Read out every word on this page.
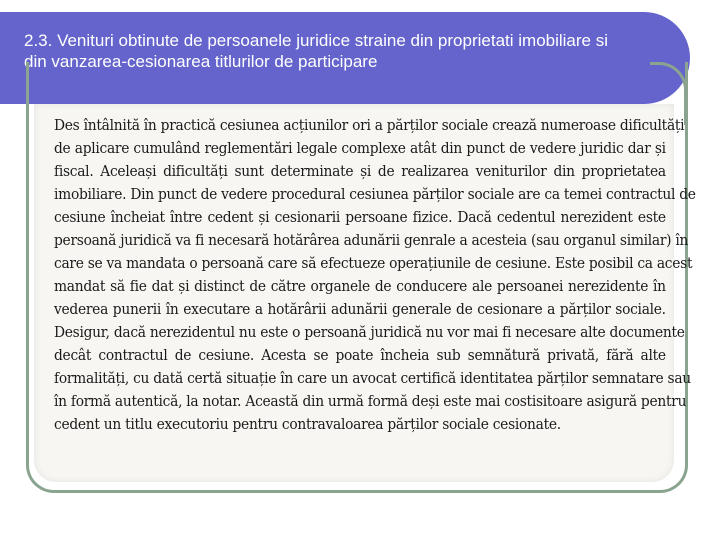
2.3. Venituri obtinute de persoanele juridice straine din proprietati imobiliare si din vanzarea-cesionarea titlurilor de participare
Des întâlnită în practică cesiunea acțiunilor ori a părților sociale crează numeroase dificultăți
de aplicare cumulând reglementări legale complexe atât din punct de vedere juridic dar și
fiscal. Aceleași dificultăți sunt determinate și de realizarea veniturilor din proprietatea
imobiliare. Din punct de vedere procedural cesiunea părților sociale are ca temei contractul de
cesiune încheiat între cedent și cesionarii persoane fizice. Dacă cedentul nerezident este
persoană juridică va fi necesară hotărârea adunării genrale a acesteia (sau organul similar) în
care se va mandata o persoană care să efectueze operațiunile de cesiune. Este posibil ca acest
mandat să fie dat și distinct de către organele de conducere ale persoanei nerezidente în
vederea punerii în executare a hotărârii adunării generale de cesionare a părților sociale.
Desigur, dacă nerezidentul nu este o persoană juridică nu vor mai fi necesare alte documente
decât contractul de cesiune. Acesta se poate încheia sub semnătură privată, fără alte
formalități, cu dată certă situație în care un avocat certifică identitatea părților semnatare sau
în formă autentică, la notar. Această din urmă formă deși este mai costisitoare asigură pentru
cedent un titlu executoriu pentru contravaloarea părților sociale cesionate.
